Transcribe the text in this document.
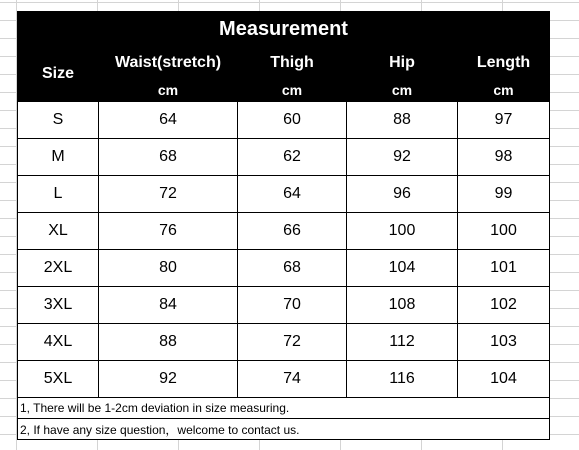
Measurement				
Size	Waist(stretch)	Thigh	Hip	Length
	cm	cm	cm	cm
S	64	60	88	97
M	68	62	92	98
L	72	64	96	99
XL	76	66	100	100
2XL	80	68	104	101
3XL	84	70	108	102
4XL	88	72	112	103
5XL	92	74	116	104
1, There will be 1-2cm deviation in size measuring.				
2, If have any size question，welcome to contact us.				
